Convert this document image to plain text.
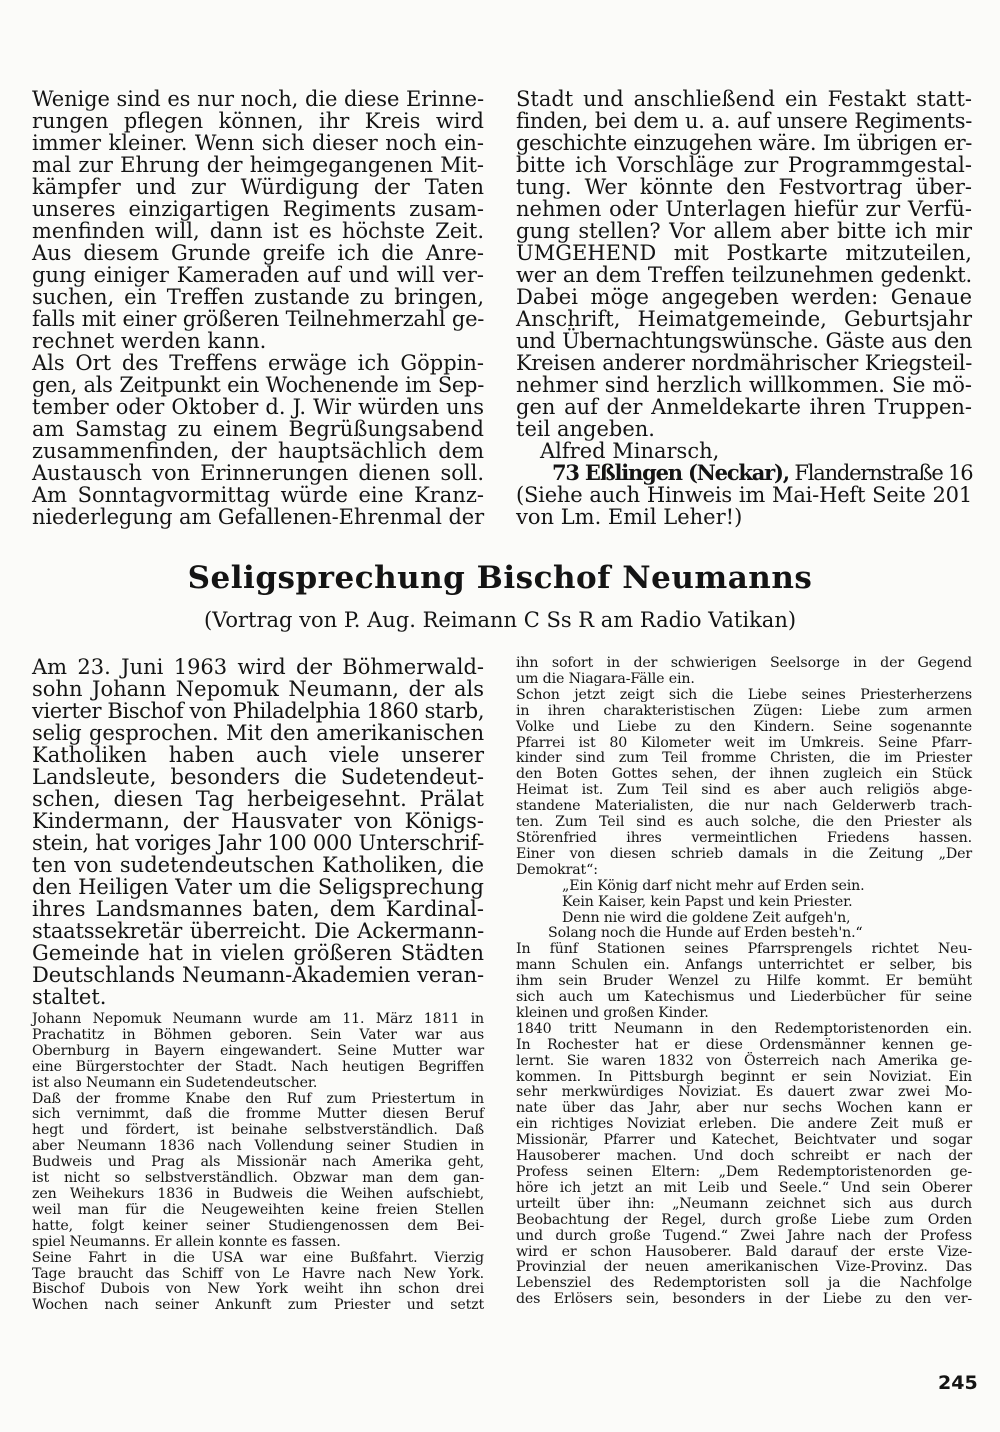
Wenige sind es nur noch, die diese Erinne-
rungen pflegen können, ihr Kreis wird
immer kleiner. Wenn sich dieser noch ein-
mal zur Ehrung der heimgegangenen Mit-
kämpfer und zur Würdigung der Taten
unseres einzigartigen Regiments zusam-
menfinden will, dann ist es höchste Zeit.
Aus diesem Grunde greife ich die Anre-
gung einiger Kameraden auf und will ver-
suchen, ein Treffen zustande zu bringen,
falls mit einer größeren Teilnehmerzahl ge-
rechnet werden kann.
Als Ort des Treffens erwäge ich Göppin-
gen, als Zeitpunkt ein Wochenende im Sep-
tember oder Oktober d. J. Wir würden uns
am Samstag zu einem Begrüßungsabend
zusammenfinden, der hauptsächlich dem
Austausch von Erinnerungen dienen soll.
Am Sonntagvormittag würde eine Kranz-
niederlegung am Gefallenen-Ehrenmal der
Stadt und anschließend ein Festakt statt-
finden, bei dem u. a. auf unsere Regiments-
geschichte einzugehen wäre. Im übrigen er-
bitte ich Vorschläge zur Programmgestal-
tung. Wer könnte den Festvortrag über-
nehmen oder Unterlagen hiefür zur Verfü-
gung stellen? Vor allem aber bitte ich mir
UMGEHEND mit Postkarte mitzuteilen,
wer an dem Treffen teilzunehmen gedenkt.
Dabei möge angegeben werden: Genaue
Anschrift, Heimatgemeinde, Geburtsjahr
und Übernachtungswünsche. Gäste aus den
Kreisen anderer nordmährischer Kriegsteil-
nehmer sind herzlich willkommen. Sie mö-
gen auf der Anmeldekarte ihren Truppen-
teil angeben.
Alfred Minarsch,
73 Eßlingen (Neckar), Flandernstraße 16
(Siehe auch Hinweis im Mai-Heft Seite 201
von Lm. Emil Leher!)
Seligsprechung Bischof Neumanns
(Vortrag von P. Aug. Reimann C Ss R am Radio Vatikan)
Am 23. Juni 1963 wird der Böhmerwald-
sohn Johann Nepomuk Neumann, der als
vierter Bischof von Philadelphia 1860 starb,
selig gesprochen. Mit den amerikanischen
Katholiken haben auch viele unserer
Landsleute, besonders die Sudetendeut-
schen, diesen Tag herbeigesehnt. Prälat
Kindermann, der Hausvater von Königs-
stein, hat voriges Jahr 100 000 Unterschrif-
ten von sudetendeutschen Katholiken, die
den Heiligen Vater um die Seligsprechung
ihres Landsmannes baten, dem Kardinal-
staatssekretär überreicht. Die Ackermann-
Gemeinde hat in vielen größeren Städten
Deutschlands Neumann-Akademien veran-
staltet.
Johann Nepomuk Neumann wurde am 11. März 1811 in
Prachatitz in Böhmen geboren. Sein Vater war aus
Obernburg in Bayern eingewandert. Seine Mutter war
eine Bürgerstochter der Stadt. Nach heutigen Begriffen
ist also Neumann ein Sudetendeutscher.
Daß der fromme Knabe den Ruf zum Priestertum in
sich vernimmt, daß die fromme Mutter diesen Beruf
hegt und fördert, ist beinahe selbstverständlich. Daß
aber Neumann 1836 nach Vollendung seiner Studien in
Budweis und Prag als Missionär nach Amerika geht,
ist nicht so selbstverständlich. Obzwar man dem gan-
zen Weihekurs 1836 in Budweis die Weihen aufschiebt,
weil man für die Neugeweihten keine freien Stellen
hatte, folgt keiner seiner Studiengenossen dem Bei-
spiel Neumanns. Er allein konnte es fassen.
Seine Fahrt in die USA war eine Bußfahrt. Vierzig
Tage braucht das Schiff von Le Havre nach New York.
Bischof Dubois von New York weiht ihn schon drei
Wochen nach seiner Ankunft zum Priester und setzt
ihn sofort in der schwierigen Seelsorge in der Gegend
um die Niagara-Fälle ein.
Schon jetzt zeigt sich die Liebe seines Priesterherzens
in ihren charakteristischen Zügen: Liebe zum armen
Volke und Liebe zu den Kindern. Seine sogenannte
Pfarrei ist 80 Kilometer weit im Umkreis. Seine Pfarr-
kinder sind zum Teil fromme Christen, die im Priester
den Boten Gottes sehen, der ihnen zugleich ein Stück
Heimat ist. Zum Teil sind es aber auch religiös abge-
standene Materialisten, die nur nach Gelderwerb trach-
ten. Zum Teil sind es auch solche, die den Priester als
Störenfried ihres vermeintlichen Friedens hassen.
Einer von diesen schrieb damals in die Zeitung „Der
Demokrat“:
„Ein König darf nicht mehr auf Erden sein.
Kein Kaiser, kein Papst und kein Priester.
Denn nie wird die goldene Zeit aufgeh'n,
Solang noch die Hunde auf Erden besteh'n.“
In fünf Stationen seines Pfarrsprengels richtet Neu-
mann Schulen ein. Anfangs unterrichtet er selber, bis
ihm sein Bruder Wenzel zu Hilfe kommt. Er bemüht
sich auch um Katechismus und Liederbücher für seine
kleinen und großen Kinder.
1840 tritt Neumann in den Redemptoristenorden ein.
In Rochester hat er diese Ordensmänner kennen ge-
lernt. Sie waren 1832 von Österreich nach Amerika ge-
kommen. In Pittsburgh beginnt er sein Noviziat. Ein
sehr merkwürdiges Noviziat. Es dauert zwar zwei Mo-
nate über das Jahr, aber nur sechs Wochen kann er
ein richtiges Noviziat erleben. Die andere Zeit muß er
Missionär, Pfarrer und Katechet, Beichtvater und sogar
Hausoberer machen. Und doch schreibt er nach der
Profess seinen Eltern: „Dem Redemptoristenorden ge-
höre ich jetzt an mit Leib und Seele.“ Und sein Oberer
urteilt über ihn: „Neumann zeichnet sich aus durch
Beobachtung der Regel, durch große Liebe zum Orden
und durch große Tugend.“ Zwei Jahre nach der Profess
wird er schon Hausoberer. Bald darauf der erste Vize-
Provinzial der neuen amerikanischen Vize-Provinz. Das
Lebensziel des Redemptoristen soll ja die Nachfolge
des Erlösers sein, besonders in der Liebe zu den ver-
245
